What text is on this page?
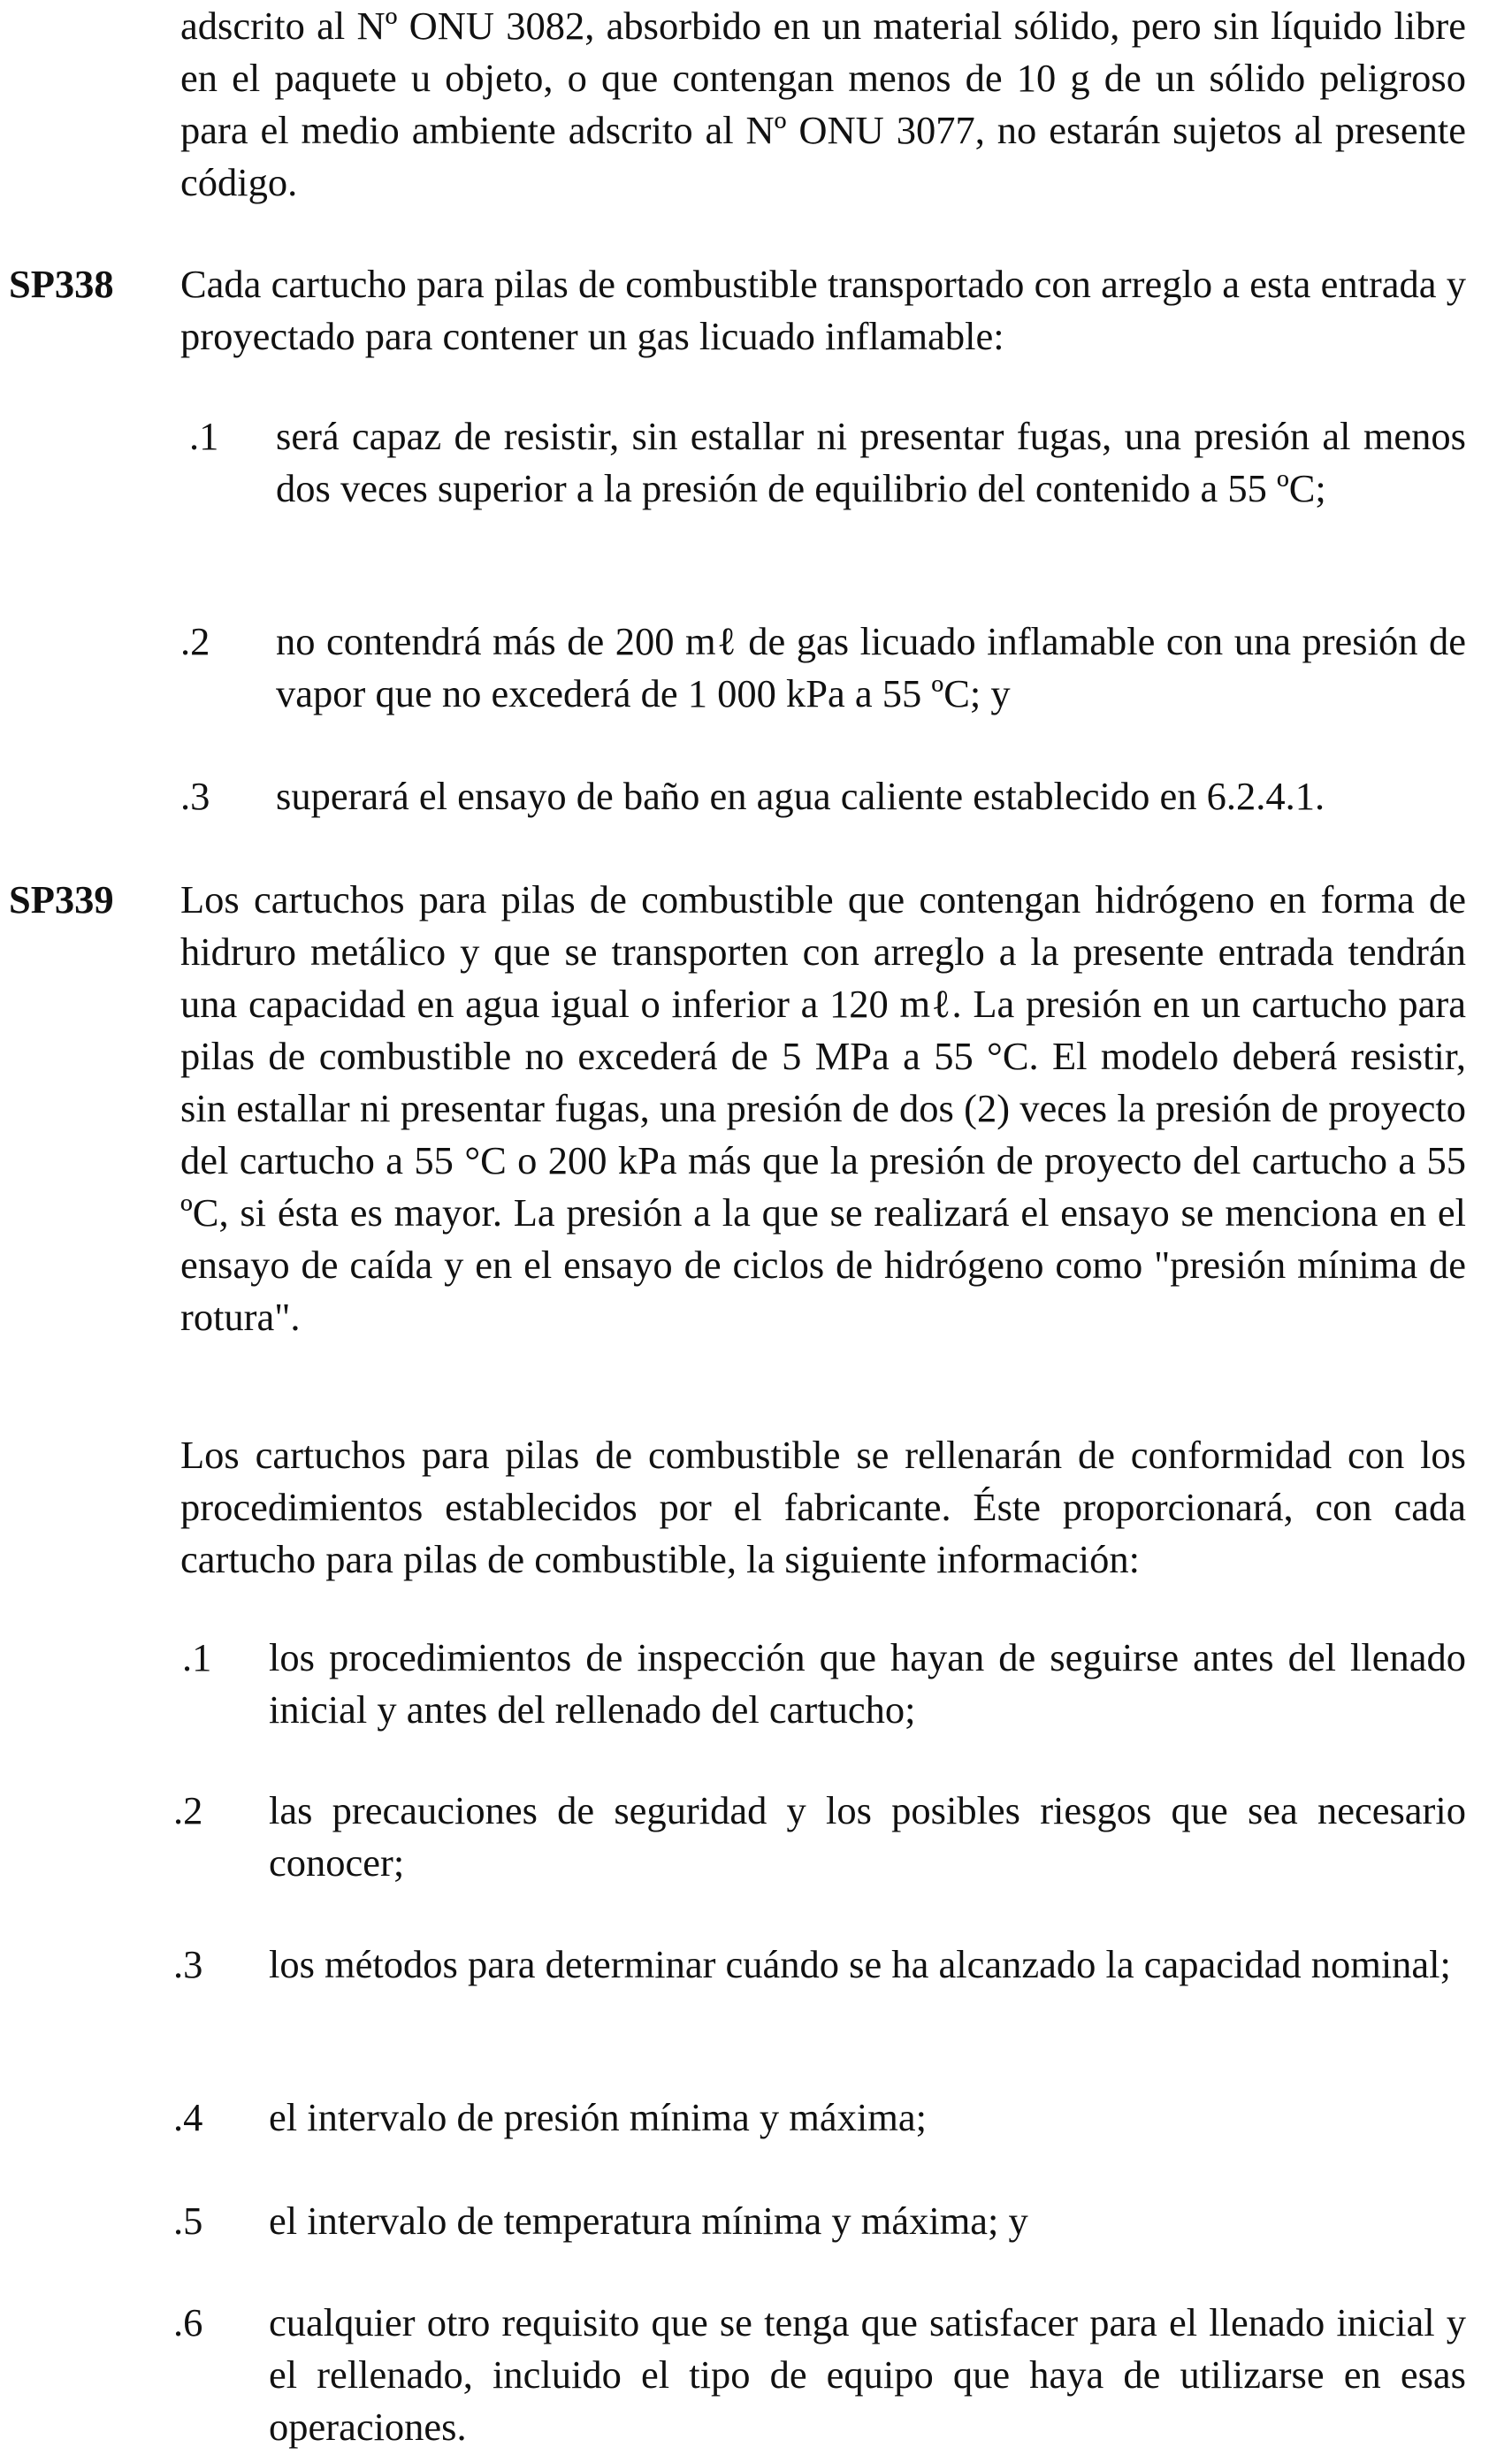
adscrito al Nº ONU 3082, absorbido en un material sólido, pero sin líquido libre en el paquete u objeto, o que contengan menos de 10 g de un sólido peligroso para el medio ambiente adscrito al Nº ONU 3077, no estarán sujetos al presente código.

SP338 Cada cartucho para pilas de combustible transportado con arreglo a esta entrada y proyectado para contener un gas licuado inflamable:

.1 será capaz de resistir, sin estallar ni presentar fugas, una presión al menos dos veces superior a la presión de equilibrio del contenido a 55 ºC;

.2 no contendrá más de 200 mℓ de gas licuado inflamable con una presión de vapor que no excederá de 1 000 kPa a 55 ºC; y

.3 superará el ensayo de baño en agua caliente establecido en 6.2.4.1.

SP339 Los cartuchos para pilas de combustible que contengan hidrógeno en forma de hidruro metálico y que se transporten con arreglo a la presente entrada tendrán una capacidad en agua igual o inferior a 120 mℓ. La presión en un cartucho para pilas de combustible no excederá de 5 MPa a 55 °C. El modelo deberá resistir, sin estallar ni presentar fugas, una presión de dos (2) veces la presión de proyecto del cartucho a 55 °C o 200 kPa más que la presión de proyecto del cartucho a 55 ºC, si ésta es mayor. La presión a la que se realizará el ensayo se menciona en el ensayo de caída y en el ensayo de ciclos de hidrógeno como "presión mínima de rotura".

Los cartuchos para pilas de combustible se rellenarán de conformidad con los procedimientos establecidos por el fabricante. Éste proporcionará, con cada cartucho para pilas de combustible, la siguiente información:

.1 los procedimientos de inspección que hayan de seguirse antes del llenado inicial y antes del rellenado del cartucho;

.2 las precauciones de seguridad y los posibles riesgos que sea necesario conocer;

.3 los métodos para determinar cuándo se ha alcanzado la capacidad nominal;

.4 el intervalo de presión mínima y máxima;

.5 el intervalo de temperatura mínima y máxima; y

.6 cualquier otro requisito que se tenga que satisfacer para el llenado inicial y el rellenado, incluido el tipo de equipo que haya de utilizarse en esas operaciones.
